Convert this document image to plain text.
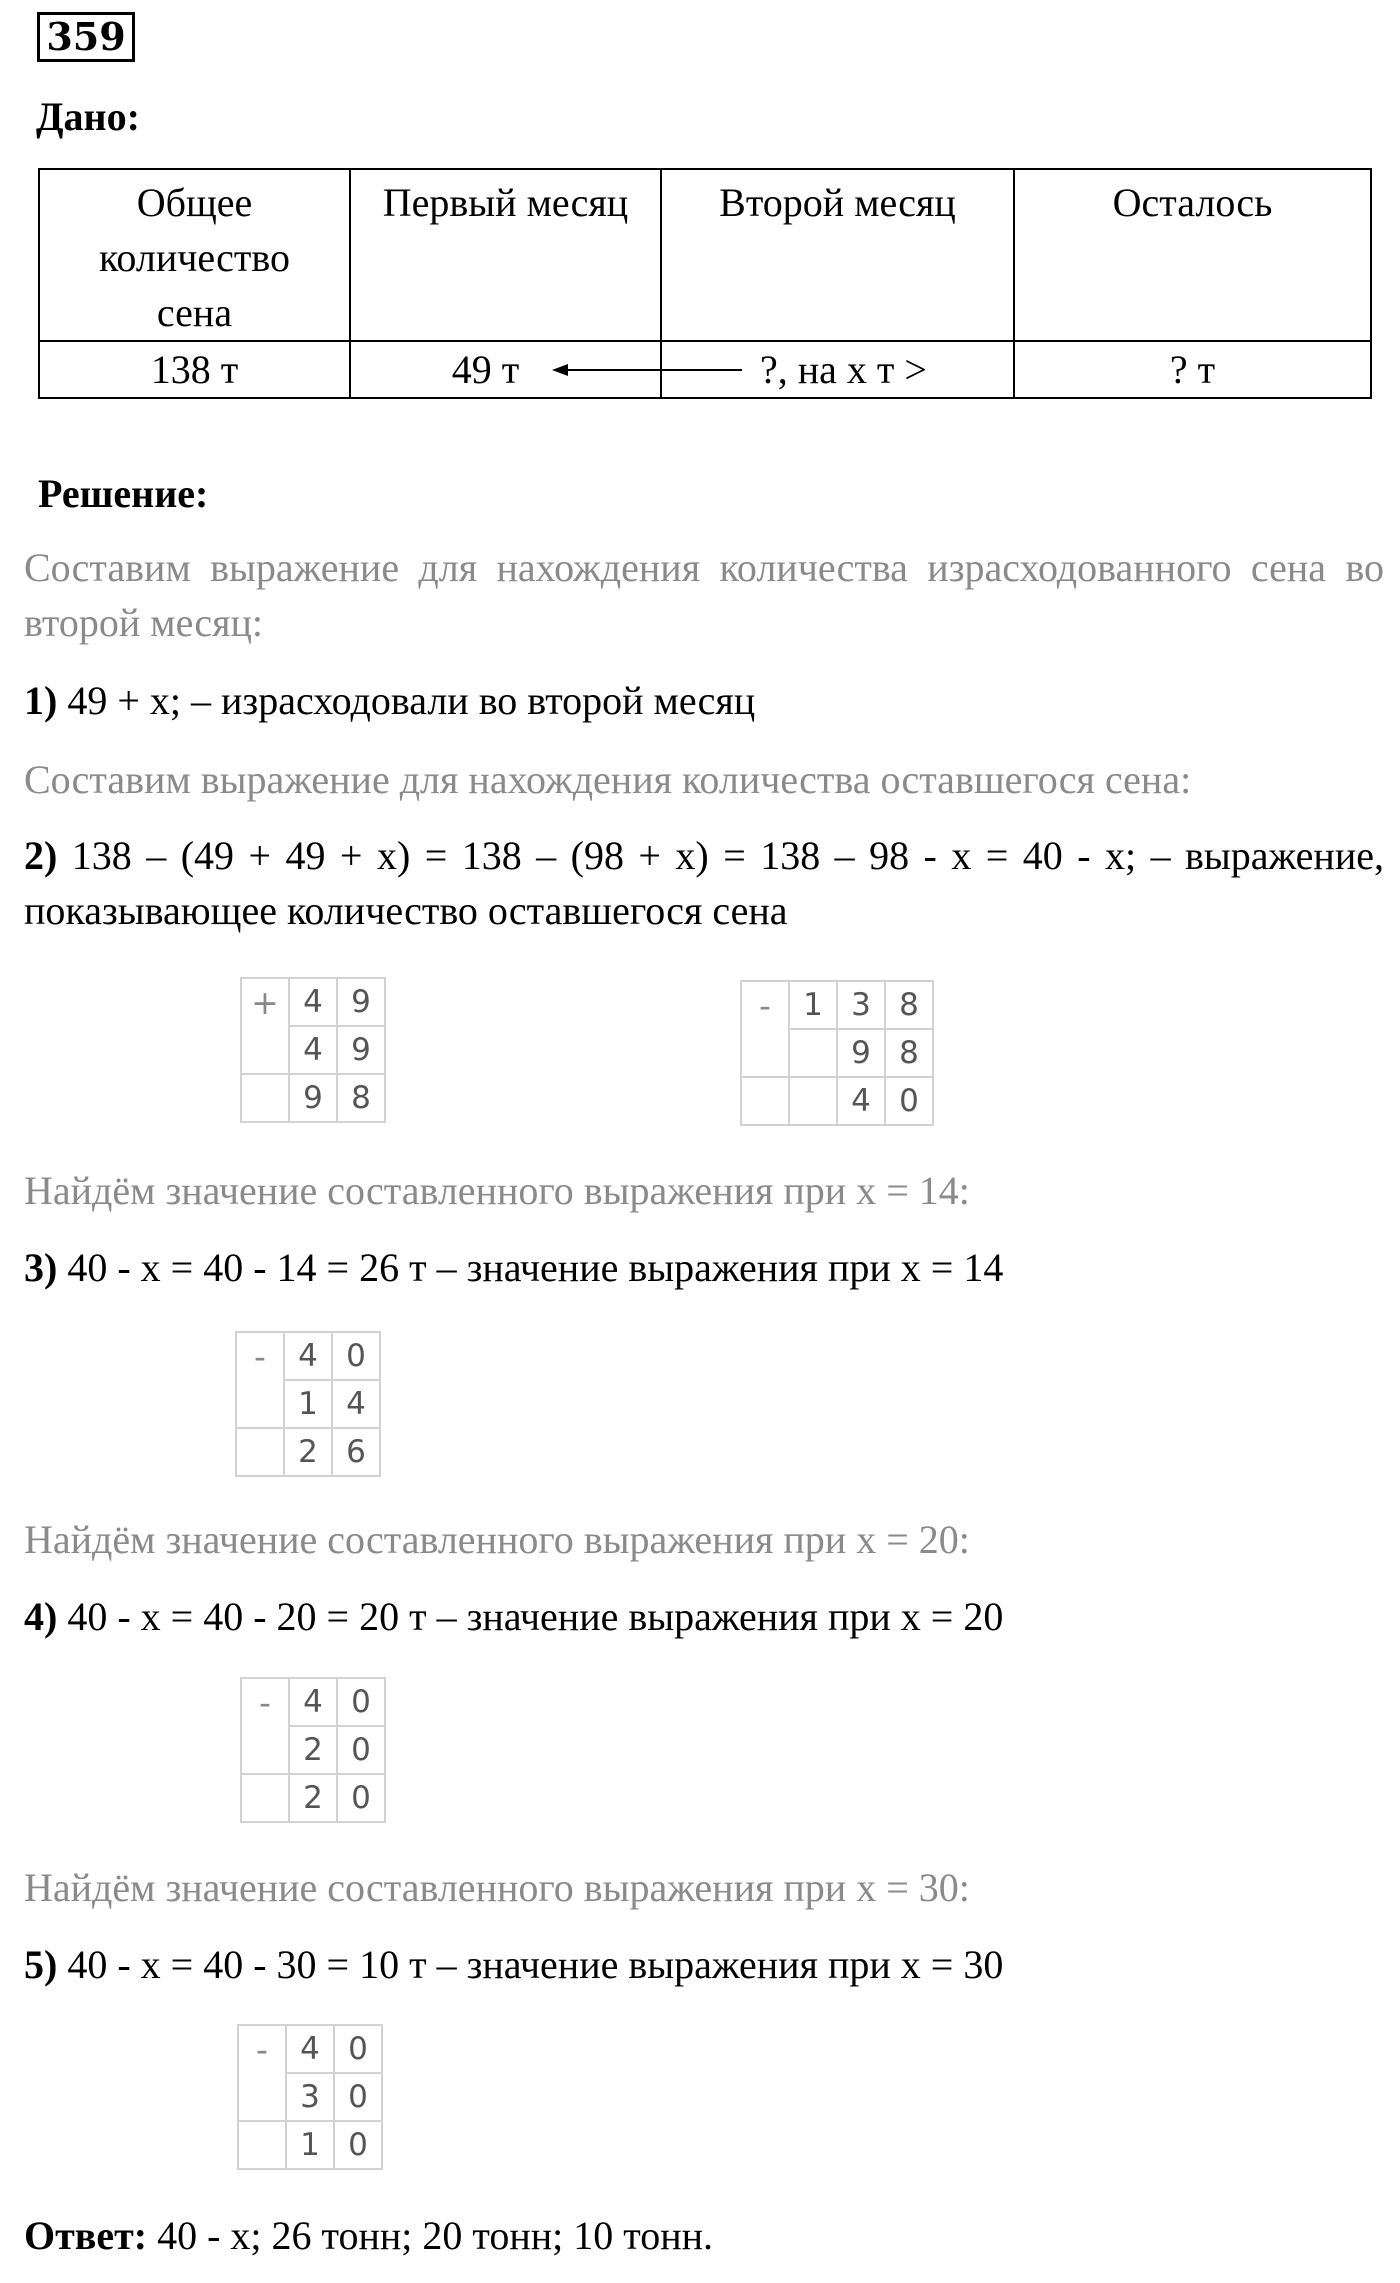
359
Дано:
Общее количество сена	Первый месяц	Второй месяц	Осталось
138 т	49 т	?, на x т >	? т
Решение:
Составим выражение для нахождения количества израсходованного сена во второй месяц:
1) 49 + x; – израсходовали во второй месяц
Составим выражение для нахождения количества оставшегося сена:
2) 138 – (49 + 49 + x) = 138 – (98 + x) = 138 – 98 - x = 40 - x; – выражение, показывающее количество оставшегося сена
+	4	9
	4	9
	9	8
-	1	3	8
		9	8
		4	0
Найдём значение составленного выражения при x = 14:
3) 40 - x = 40 - 14 = 26 т – значение выражения при x = 14
-	4	0
	1	4
	2	6
Найдём значение составленного выражения при x = 20:
4) 40 - x = 40 - 20 = 20 т – значение выражения при x = 20
-	4	0
	2	0
	2	0
Найдём значение составленного выражения при x = 30:
5) 40 - x = 40 - 30 = 10 т – значение выражения при x = 30
-	4	0
	3	0
	1	0
Ответ: 40 - x; 26 тонн; 20 тонн; 10 тонн.
